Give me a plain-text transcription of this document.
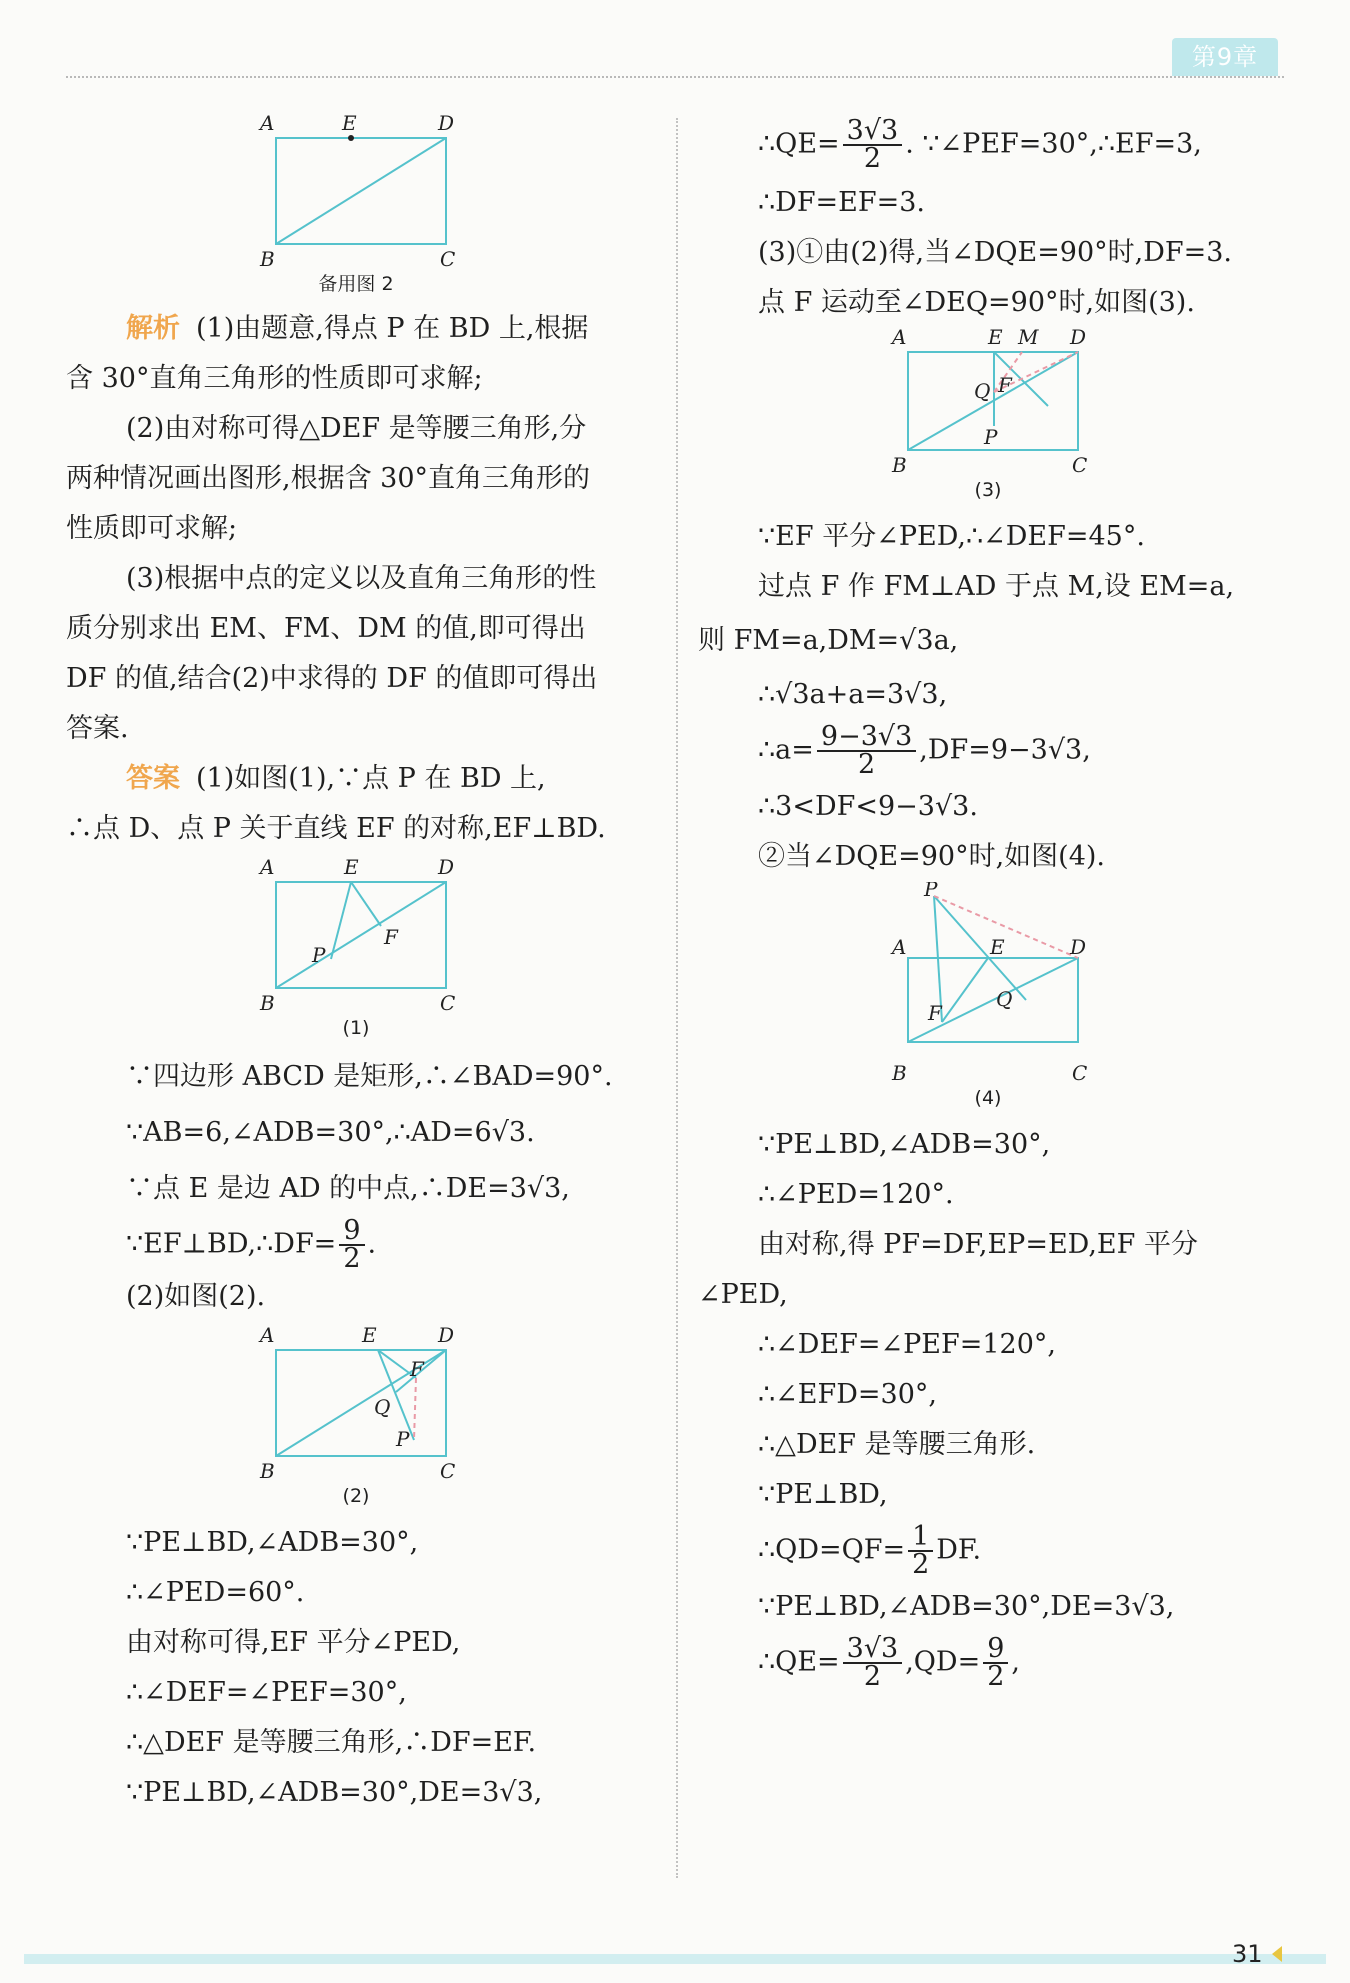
第9章
A	E	D
B	C
备用图 2

解析 (1)由题意,得点 P 在 BD 上,根据

含 30°直角三角形的性质即可求解;

(2)由对称可得△DEF 是等腰三角形,分

两种情况画出图形,根据含 30°直角三角形的

性质即可求解;

(3)根据中点的定义以及直角三角形的性

质分别求出 EM、FM、DM 的值,即可得出

DF 的值,结合(2)中求得的 DF 的值即可得出

答案.

答案 (1)如图(1),∵点 P 在 BD 上,

∴点 D、点 P 关于直线 EF 的对称,EF⊥BD.

A	E	D
P
F
B	C
(1)

∵四边形 ABCD 是矩形,∴∠BAD=90°.

∵AB=6,∠ADB=30°,∴AD=6√3.

∵点 E 是边 AD 的中点,∴DE=3√3,

∵EF⊥BD,∴DF= $\frac{9}{2}$ .

(2)如图(2).

A	E	D
F
Q
P
B	C
(2)

∵PE⊥BD,∠ADB=30°,

∴∠PED=60°.

由对称可得,EF 平分∠PED,

∴∠DEF=∠PEF=30°,

∴△DEF 是等腰三角形,∴DF=EF.

∵PE⊥BD,∠ADB=30°,DE=3√3,

∴QE= $\frac{3√3}{2}$ . ∵∠PEF=30°,∴EF=3,

∴DF=EF=3.

(3)①由(2)得,当∠DQE=90°时,DF=3.

点 F 运动至∠DEQ=90°时,如图(3).

A	E M D
Q F
P
B	C
(3)

∵EF 平分∠PED,∴∠DEF=45°.

过点 F 作 FM⊥AD 于点 M,设 EM=a,

则 FM=a,DM=√3a,

∴√3a+a=3√3,

∴a= $\frac{9-3√3}{2} ,DF=9-3√3$,

∴3<DF<9−3√3.

②当∠DQE=90°时,如图(4).

P
A	E	D
Q
F
B	C
(4)

∵PE⊥BD,∠ADB=30°,

∴∠PED=120°.

由对称,得 PF=DF,EP=ED,EF 平分

∠PED,

∴∠DEF=∠PEF=120°,

∴∠EFD=30°,

∴△DEF 是等腰三角形.

∵PE⊥BD,

∴QD=QF= $\frac{1}{2}$ DF.

∵PE⊥BD,∠ADB=30°,DE=3√3,

∴QE= $\frac{3√3}{2} ,QD= \frac{9}{2}$ ,

31
